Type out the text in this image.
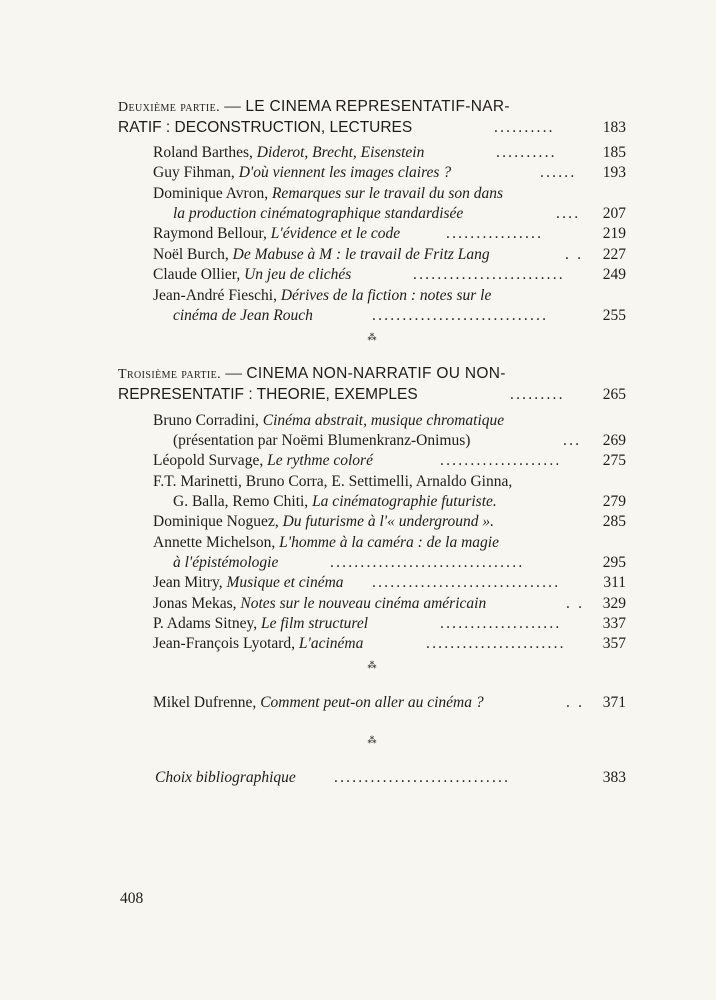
Deuxième partie. — LE CINEMA REPRESENTATIF-NAR-
RATIF : DECONSTRUCTION, LECTURES	..........	183
Roland Barthes, Diderot, Brecht, Eisenstein	..........	185
Guy Fihman, D'où viennent les images claires ?	...... 193
Dominique Avron, Remarques sur le travail du son dans
la production cinématographique standardisée	.... 207
Raymond Bellour, L'évidence et le code	................	219
Noël Burch, De Mabuse à M : le travail de Fritz Lang	. . 227
Claude Ollier, Un jeu de clichés	......................... 249
Jean-André Fieschi, Dérives de la fiction : notes sur le
cinéma de Jean Rouch	.............................	255
⁂
Troisième partie. — CINEMA NON-NARRATIF OU NON-
REPRESENTATIF : THEORIE, EXEMPLES	......... 265
Bruno Corradini, Cinéma abstrait, musique chromatique
(présentation par Noëmi Blumenkranz-Onimus)	... 269
Léopold Survage, Le rythme coloré	....................	275
F.T. Marinetti, Bruno Corra, E. Settimelli, Arnaldo Ginna,
G. Balla, Remo Chiti, La cinématographie futuriste.	279
Dominique Noguez, Du futurisme à l'« underground ».	285
Annette Michelson, L'homme à la caméra : de la magie
à l'épistémologie	................................	295
Jean Mitry, Musique et cinéma ...............................	311
Jonas Mekas, Notes sur le nouveau cinéma américain	. . 329
P. Adams Sitney, Le film structurel	....................	337
Jean-François Lyotard, L'acinéma	....................... 357
⁂
Mikel Dufrenne, Comment peut-on aller au cinéma ?	. . 371
⁂
Choix bibliographique .............................	383
408
